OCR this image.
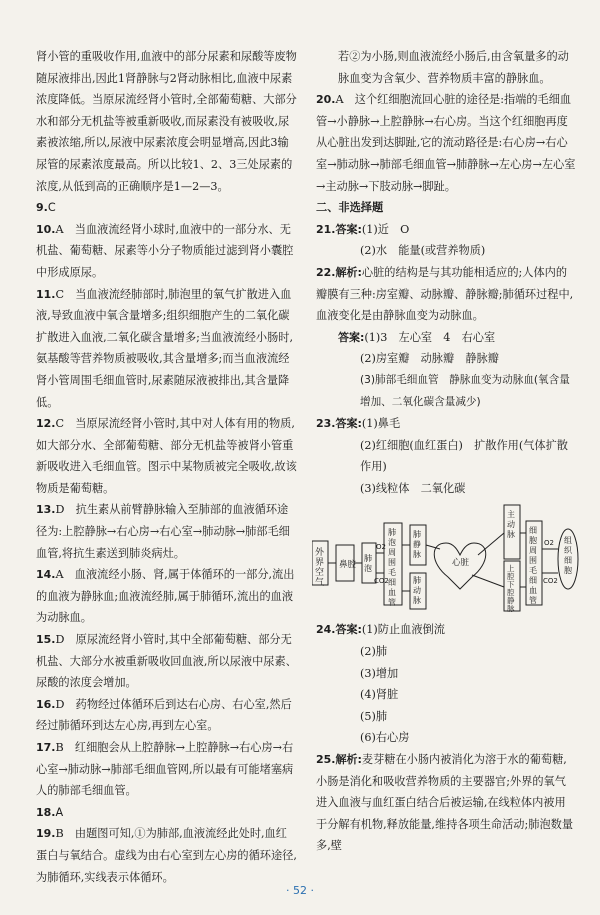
肾小管的重吸收作用,血液中的部分尿素和尿酸等废物随尿液排出,因此1肾静脉与2肾动脉相比,血液中尿素浓度降低。当原尿流经肾小管时,全部葡萄糖、大部分水和部分无机盐等被重新吸收,而尿素没有被吸收,尿素被浓缩,所以,尿液中尿素浓度会明显增高,因此3输尿管的尿素浓度最高。所以比较1、2、3三处尿素的浓度,从低到高的正确顺序是1—2—3。
9.C
10.A　当血液流经肾小球时,血液中的一部分水、无机盐、葡萄糖、尿素等小分子物质能过滤到肾小囊腔中形成原尿。
11.C　当血液流经肺部时,肺泡里的氧气扩散进入血液,导致血液中氧含量增多;组织细胞产生的二氧化碳扩散进入血液,二氧化碳含量增多;当血液流经小肠时,氨基酸等营养物质被吸收,其含量增多;而当血液流经肾小管周围毛细血管时,尿素随尿液被排出,其含量降低。
12.C　当原尿流经肾小管时,其中对人体有用的物质,如大部分水、全部葡萄糖、部分无机盐等被肾小管重新吸收进入毛细血管。图示中某物质被完全吸收,故该物质是葡萄糖。
13.D　抗生素从前臂静脉输入至肺部的血液循环途径为:上腔静脉→右心房→右心室→肺动脉→肺部毛细血管,将抗生素送到肺炎病灶。
14.A　血液流经小肠、肾,属于体循环的一部分,流出的血液为静脉血;血液流经肺,属于肺循环,流出的血液为动脉血。
15.D　原尿流经肾小管时,其中全部葡萄糖、部分无机盐、大部分水被重新吸收回血液,所以尿液中尿素、尿酸的浓度会增加。
16.D　药物经过体循环后到达右心房、右心室,然后经过肺循环到达左心房,再到左心室。
17.B　红细胞会从上腔静脉→上腔静脉→右心房→右心室→肺动脉→肺部毛细血管网,所以最有可能堵塞病人的肺部毛细血管。
18.A
19.B　由题图可知,①为肺部,血液流经此处时,血红蛋白与氧结合。虚线为由右心室到左心房的循环途径,为肺循环,实线表示体循环。
若②为小肠,则血液流经小肠后,由含氧量多的动脉血变为含氧少、营养物质丰富的静脉血。
20.A　这个红细胞流回心脏的途径是:指端的毛细血管→小静脉→上腔静脉→右心房。当这个红细胞再度从心脏出发到达脚趾,它的流动路径是:右心房→右心室→肺动脉→肺部毛细血管→肺静脉→左心房→左心室→主动脉→下肢动脉→脚趾。
二、非选择题
21.答案:(1)近　O
(2)水　能量(或营养物质)
22.解析:心脏的结构是与其功能相适应的;人体内的瓣膜有三种:房室瓣、动脉瓣、静脉瓣;肺循环过程中,血液变化是由静脉血变为动脉血。
答案:(1)3　左心室　4　右心室
(2)房室瓣　动脉瓣　静脉瓣
(3)肺部毛细血管　静脉血变为动脉血(氧含量增加、二氧化碳含量减少)
23.答案:(1)鼻毛
(2)红细胞(血红蛋白)　扩散作用(气体扩散作用)
(3)线粒体　二氧化碳
外界空气
鼻腔
肺泡
肺泡周围毛细血管
肺静脉
肺动脉
心脏
主动脉
上腔下腔静脉
细胞周围毛细血管
组织细胞
O2
CO2
O2
CO2
24.答案:(1)防止血液倒流
(2)肺
(3)增加
(4)肾脏
(5)肺
(6)右心房
25.解析:麦芽糖在小肠内被消化为溶于水的葡萄糖,小肠是消化和吸收营养物质的主要器官;外界的氧气进入血液与血红蛋白结合后被运输,在线粒体内被用于分解有机物,释放能量,维持各项生命活动;肺泡数量多,壁
· 52 ·
